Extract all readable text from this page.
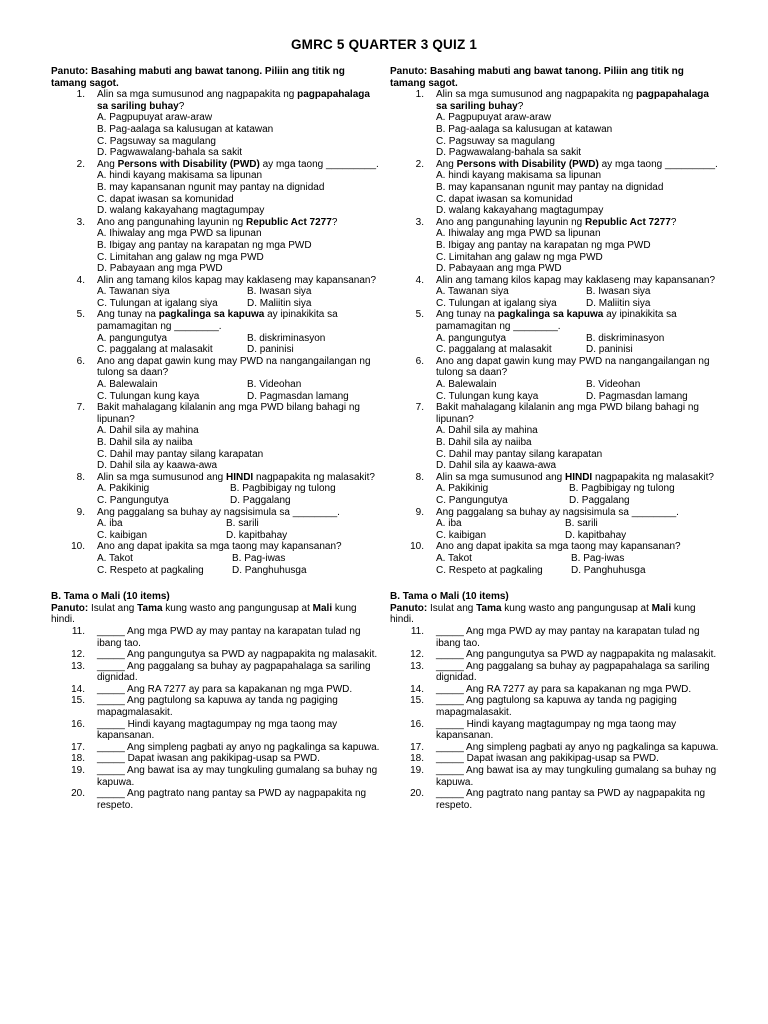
GMRC 5 QUARTER 3 QUIZ 1
Panuto: Basahing mabuti ang bawat tanong. Piliin ang titik ng tamang sagot.
1. Alin sa mga sumusunod ang nagpapakita ng pagpapahalaga sa sariling buhay?
A. Pagpupuyat araw-araw
B. Pag-aalaga sa kalusugan at katawan
C. Pagsuway sa magulang
D. Pagwawalang-bahala sa sakit
2. Ang Persons with Disability (PWD) ay mga taong _________.
A. hindi kayang makisama sa lipunan
B. may kapansanan ngunit may pantay na dignidad
C. dapat iwasan sa komunidad
D. walang kakayahang magtagumpay
3. Ano ang pangunahing layunin ng Republic Act 7277?
A. Ihiwalay ang mga PWD sa lipunan
B. Ibigay ang pantay na karapatan ng mga PWD
C. Limitahan ang galaw ng mga PWD
D. Pabayaan ang mga PWD
4. Alin ang tamang kilos kapag may kaklaseng may kapansanan?
A. Tawanan siya	B. Iwasan siya
C. Tulungan at igalang siya	D. Maliitin siya
5. Ang tunay na pagkalinga sa kapuwa ay ipinakikita sa pamamagitan ng ________.
A. pangungutya	B. diskriminasyon
C. paggalang at malasakit	D. paninisi
6. Ano ang dapat gawin kung may PWD na nangangailangan ng tulong sa daan?
A. Balewalain	B. Videohan
C. Tulungan kung kaya	D. Pagmasdan lamang
7. Bakit mahalagang kilalanin ang mga PWD bilang bahagi ng lipunan?
A. Dahil sila ay mahina
B. Dahil sila ay naiiba
C. Dahil may pantay silang karapatan
D. Dahil sila ay kaawa-awa
8. Alin sa mga sumusunod ang HINDI nagpapakita ng malasakit?
A. Pakikinig	B. Pagbibigay ng tulong
C. Pangungutya	D. Paggalang
9. Ang paggalang sa buhay ay nagsisimula sa ________.
A. iba	B. sarili
C. kaibigan	D. kapitbahay
10. Ano ang dapat ipakita sa mga taong may kapansanan?
A. Takot	B. Pag-iwas
C. Respeto at pagkaling	D. Panghuhusga
B. Tama o Mali (10 items)
Panuto: Isulat ang Tama kung wasto ang pangungusap at Mali kung hindi.
11. _____ Ang mga PWD ay may pantay na karapatan tulad ng ibang tao.
12. _____ Ang pangungutya sa PWD ay nagpapakita ng malasakit.
13. _____ Ang paggalang sa buhay ay pagpapahalaga sa sariling dignidad.
14. _____ Ang RA 7277 ay para sa kapakanan ng mga PWD.
15. _____ Ang pagtulong sa kapuwa ay tanda ng pagiging mapagmalasakit.
16. _____ Hindi kayang magtagumpay ng mga taong may kapansanan.
17. _____ Ang simpleng pagbati ay anyo ng pagkalinga sa kapuwa.
18. _____ Dapat iwasan ang pakikipag-usap sa PWD.
19. _____ Ang bawat isa ay may tungkuling gumalang sa buhay ng kapuwa.
20. _____ Ang pagtrato nang pantay sa PWD ay nagpapakita ng respeto.
Panuto: Basahing mabuti ang bawat tanong. Piliin ang titik ng tamang sagot.
1. Alin sa mga sumusunod ang nagpapakita ng pagpapahalaga sa sariling buhay?
A. Pagpupuyat araw-araw
B. Pag-aalaga sa kalusugan at katawan
C. Pagsuway sa magulang
D. Pagwawalang-bahala sa sakit
2. Ang Persons with Disability (PWD) ay mga taong _________.
A. hindi kayang makisama sa lipunan
B. may kapansanan ngunit may pantay na dignidad
C. dapat iwasan sa komunidad
D. walang kakayahang magtagumpay
3. Ano ang pangunahing layunin ng Republic Act 7277?
A. Ihiwalay ang mga PWD sa lipunan
B. Ibigay ang pantay na karapatan ng mga PWD
C. Limitahan ang galaw ng mga PWD
D. Pabayaan ang mga PWD
4. Alin ang tamang kilos kapag may kaklaseng may kapansanan?
A. Tawanan siya	B. Iwasan siya
C. Tulungan at igalang siya	D. Maliitin siya
5. Ang tunay na pagkalinga sa kapuwa ay ipinakikita sa pamamagitan ng ________.
A. pangungutya	B. diskriminasyon
C. paggalang at malasakit	D. paninisi
6. Ano ang dapat gawin kung may PWD na nangangailangan ng tulong sa daan?
A. Balewalain	B. Videohan
C. Tulungan kung kaya	D. Pagmasdan lamang
7. Bakit mahalagang kilalanin ang mga PWD bilang bahagi ng lipunan?
A. Dahil sila ay mahina
B. Dahil sila ay naiiba
C. Dahil may pantay silang karapatan
D. Dahil sila ay kaawa-awa
8. Alin sa mga sumusunod ang HINDI nagpapakita ng malasakit?
A. Pakikinig	B. Pagbibigay ng tulong
C. Pangungutya	D. Paggalang
9. Ang paggalang sa buhay ay nagsisimula sa ________.
A. iba	B. sarili
C. kaibigan	D. kapitbahay
10. Ano ang dapat ipakita sa mga taong may kapansanan?
A. Takot	B. Pag-iwas
C. Respeto at pagkaling	D. Panghuhusga
B. Tama o Mali (10 items)
Panuto: Isulat ang Tama kung wasto ang pangungusap at Mali kung hindi.
11. _____ Ang mga PWD ay may pantay na karapatan tulad ng ibang tao.
12. _____ Ang pangungutya sa PWD ay nagpapakita ng malasakit.
13. _____ Ang paggalang sa buhay ay pagpapahalaga sa sariling dignidad.
14. _____ Ang RA 7277 ay para sa kapakanan ng mga PWD.
15. _____ Ang pagtulong sa kapuwa ay tanda ng pagiging mapagmalasakit.
16. _____ Hindi kayang magtagumpay ng mga taong may kapansanan.
17. _____ Ang simpleng pagbati ay anyo ng pagkalinga sa kapuwa.
18. _____ Dapat iwasan ang pakikipag-usap sa PWD.
19. _____ Ang bawat isa ay may tungkuling gumalang sa buhay ng kapuwa.
20. _____ Ang pagtrato nang pantay sa PWD ay nagpapakita ng respeto.
